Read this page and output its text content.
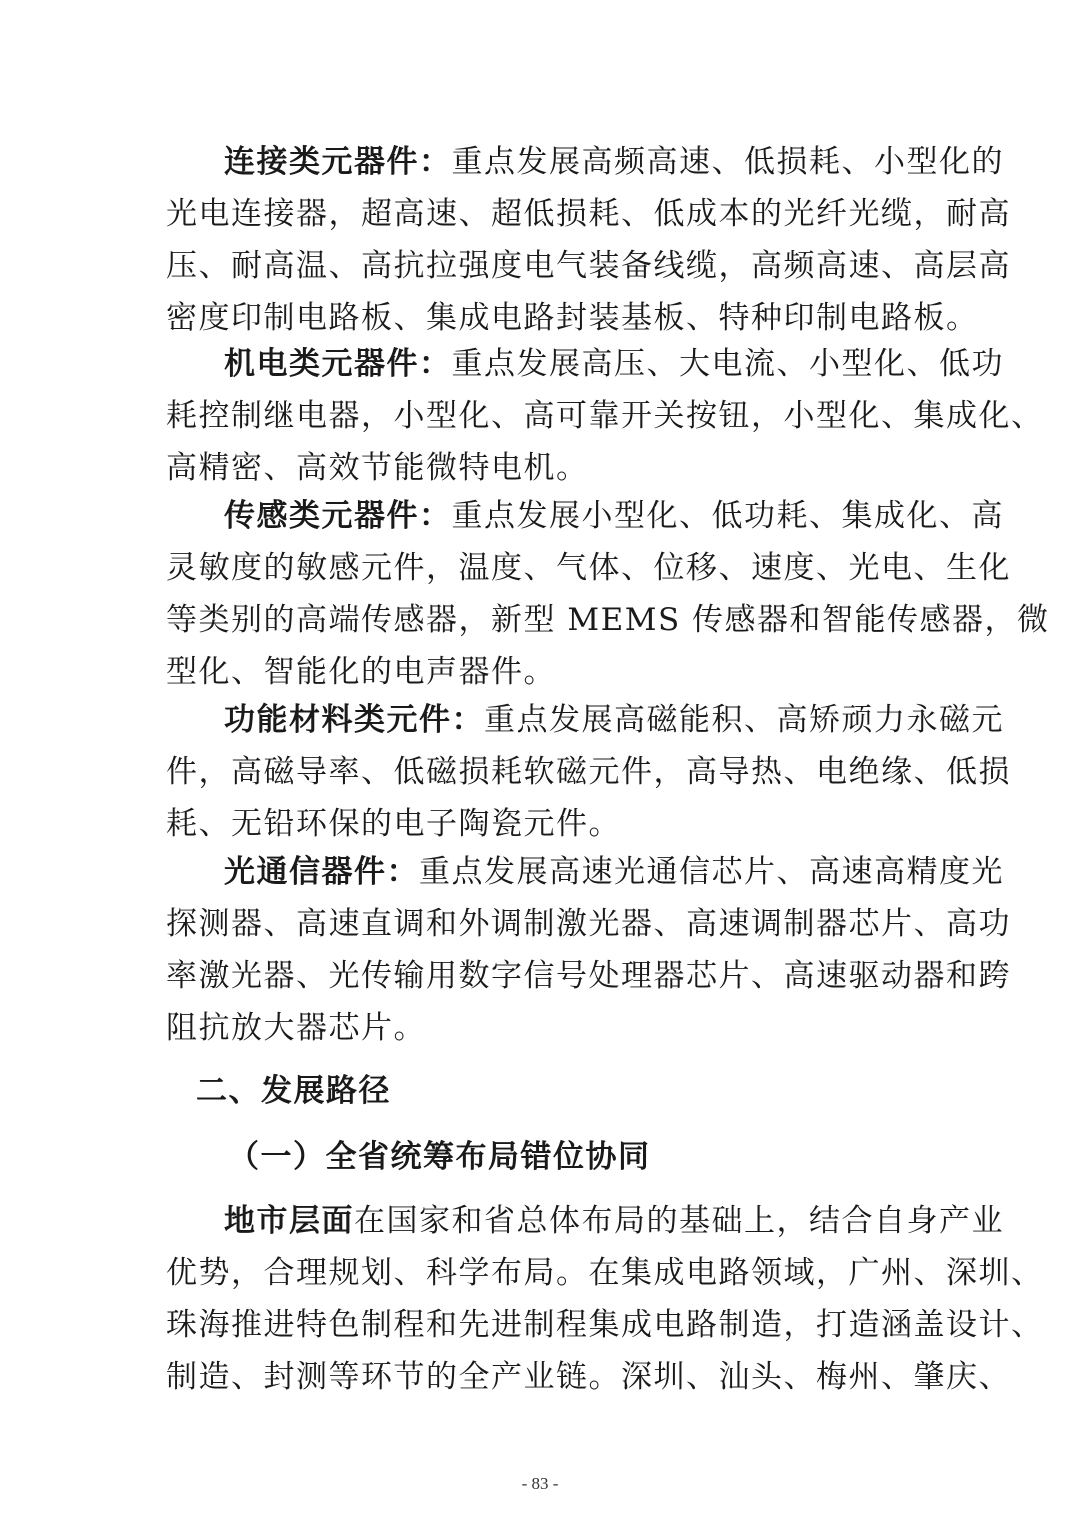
连接类元器件：重点发展高频高速、低损耗、小型化的
光电连接器，超高速、超低损耗、低成本的光纤光缆，耐高
压、耐高温、高抗拉强度电气装备线缆，高频高速、高层高
密度印制电路板、集成电路封装基板、特种印制电路板。
机电类元器件：重点发展高压、大电流、小型化、低功
耗控制继电器，小型化、高可靠开关按钮，小型化、集成化、
高精密、高效节能微特电机。
传感类元器件：重点发展小型化、低功耗、集成化、高
灵敏度的敏感元件，温度、气体、位移、速度、光电、生化
等类别的高端传感器，新型 MEMS 传感器和智能传感器，微
型化、智能化的电声器件。
功能材料类元件：重点发展高磁能积、高矫顽力永磁元
件，高磁导率、低磁损耗软磁元件，高导热、电绝缘、低损
耗、无铅环保的电子陶瓷元件。
光通信器件：重点发展高速光通信芯片、高速高精度光
探测器、高速直调和外调制激光器、高速调制器芯片、高功
率激光器、光传输用数字信号处理器芯片、高速驱动器和跨
阻抗放大器芯片。
二、发展路径
（一）全省统筹布局错位协同
地市层面在国家和省总体布局的基础上，结合自身产业
优势，合理规划、科学布局。在集成电路领域，广州、深圳、
珠海推进特色制程和先进制程集成电路制造，打造涵盖设计、
制造、封测等环节的全产业链。深圳、汕头、梅州、肇庆、
- 83 -
